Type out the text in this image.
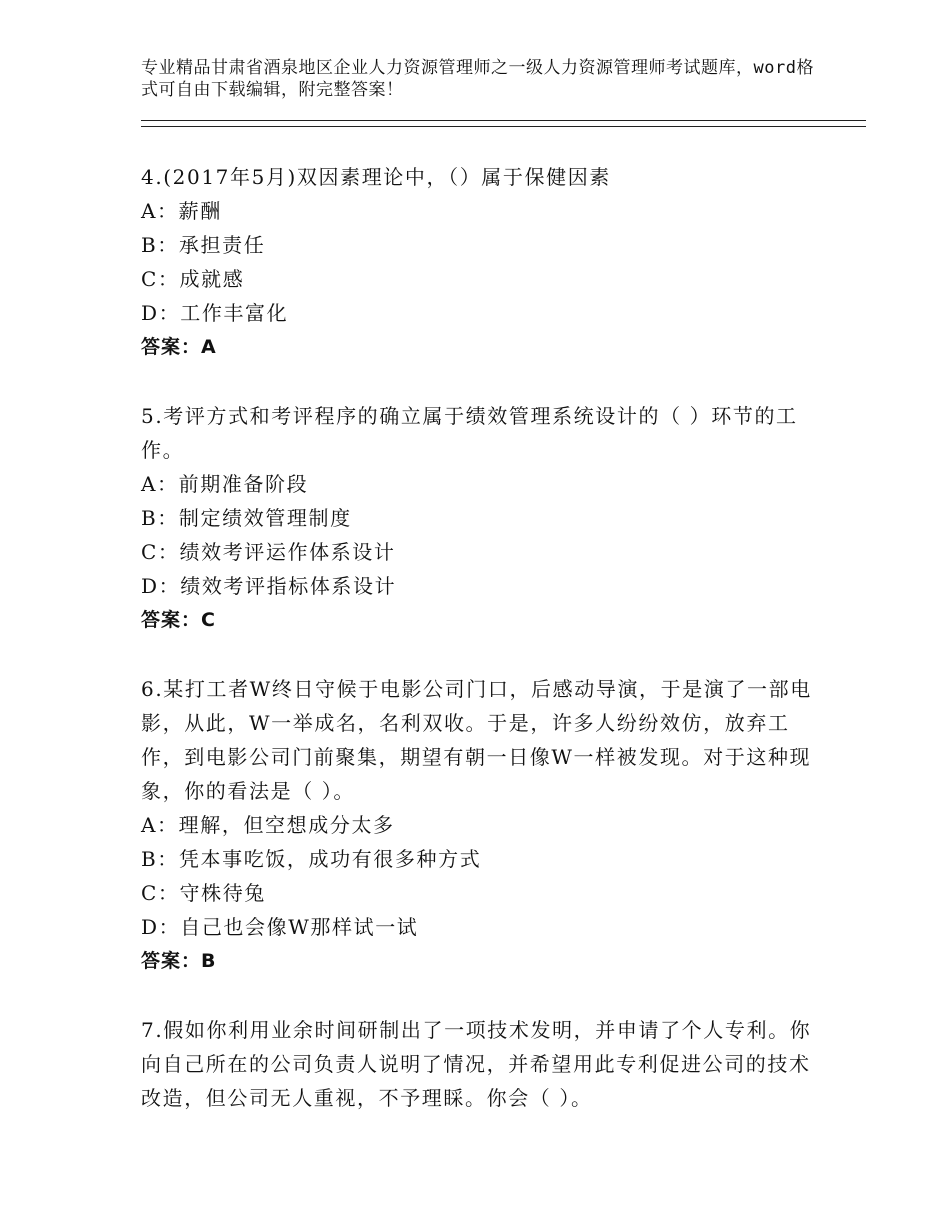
专业精品甘肃省酒泉地区企业人力资源管理师之一级人力资源管理师考试题库，word格式可自由下载编辑，附完整答案！
4.(2017年5月)双因素理论中，（）属于保健因素
A：薪酬
B：承担责任
C：成就感
D：工作丰富化
答案：A
5.考评方式和考评程序的确立属于绩效管理系统设计的（ ）环节的工作。
A：前期准备阶段
B：制定绩效管理制度
C：绩效考评运作体系设计
D：绩效考评指标体系设计
答案：C
6.某打工者W终日守候于电影公司门口，后感动导演，于是演了一部电影，从此，W一举成名，名利双收。于是，许多人纷纷效仿，放弃工作，到电影公司门前聚集，期望有朝一日像W一样被发现。对于这种现象，你的看法是（ ）。
A：理解，但空想成分太多
B：凭本事吃饭，成功有很多种方式
C：守株待兔
D：自己也会像W那样试一试
答案：B
7.假如你利用业余时间研制出了一项技术发明，并申请了个人专利。你向自己所在的公司负责人说明了情况，并希望用此专利促进公司的技术改造，但公司无人重视，不予理睬。你会（ ）。
